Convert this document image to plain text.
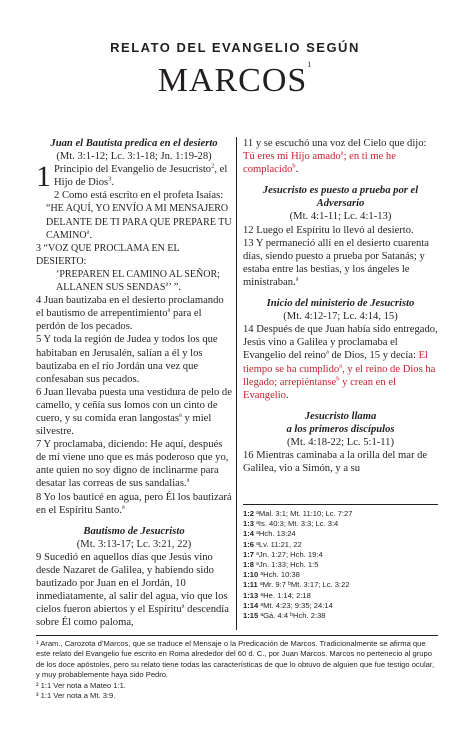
RELATO DEL EVANGELIO SEGÚN
MARCOS$^1$

Juan el Bautista predica en el desierto

(Mt. 3:1-12; Lc. 3:1-18; Jn. 1:19-28)

1 Principio del Evangelio de Jesucristo$^2$, el Hijo de Dios$^3$.

2 Como está escrito en el profeta Isaías:

“HE AQUÍ, YO ENVÍO A MI MENSAJERO DELANTE DE TI PARA QUE PREPARE TU CAMINO$^a$.

3 “VOZ QUE PROCLAMA EN EL DESIERTO:

‘PREPAREN EL CAMINO AL SEÑOR; ALLANEN SUS SENDAS$^a$’ ”.

4 Juan bautizaba en el desierto proclamando el bautismo de arrepentimiento$^a$ para el perdón de los pecados.

5 Y toda la región de Judea y todos los que habitaban en Jerusalén, salían a él y los bautizaba en el río Jordán una vez que confesaban sus pecados.

6 Juan llevaba puesta una vestidura de pelo de camello, y ceñía sus lomos con un cinto de cuero, y su comida eran langostas$^a$ y miel silvestre.

7 Y proclamaba, diciendo: He aquí, después de mí viene uno que es más poderoso que yo, ante quien no soy digno de inclinarme para desatar las correas de sus sandalias.$^a$

8 Yo los bauticé en agua, pero Él los bautizará en el Espíritu Santo.$^a$

Bautismo de Jesucristo

(Mt. 3:13-17; Lc. 3:21, 22)

9 Sucedió en aquellos días que Jesús vino desde Nazaret de Galilea, y habiendo sido bautizado por Juan en el Jordán, 10 inmediatamente, al salir del agua, vio que los cielos fueron abiertos y el Espíritu$^a$ descendía sobre Él como paloma,

11 y se escuchó una voz del Cielo que dijo: Tú eres mi Hijo amado$^a$; en ti me he complacido$^b$.

Jesucristo es puesto a prueba por el Adversario

(Mt. 4:1-11; Lc. 4:1-13)

12 Luego el Espíritu lo llevó al desierto.

13 Y permaneció allí en el desierto cuarenta días, siendo puesto a prueba por Satanás; y estaba entre las bestias, y los ángeles le ministraban.$^a$

Inicio del ministerio de Jesucristo

(Mt. 4:12-17; Lc. 4:14, 15)

14 Después de que Juan había sido entregado, Jesús vino a Galilea y proclamaba el Evangelio del reino$^a$ de Dios, 15 y decía: El tiempo se ha cumplido$^a$, y el reino de Dios ha llegado; arrepiéntanse$^b$ y crean en el Evangelio.

Jesucristo llama

a los primeros discípulos

(Mt. 4:18-22; Lc. 5:1-11)

16 Mientras caminaba a la orilla del mar de Galilea, vio a Simón, y a su

1:2 ᵃMal. 3:1; Mt. 11:10; Lc. 7:27
1:3 ᵃIs. 40:3; Mt. 3:3; Lc. 3:4
1:4 ᵃHch. 13:24
1:6 ᵃLv. 11:21, 22
1:7 ᵃJn. 1:27; Hch. 19:4
1:8 ᵃJn. 1:33; Hch. 1:5
1:10 ᵃHch. 10:38
1:11 ᵃMr. 9:7 ᵇMt. 3:17; Lc. 3:22
1:13 ᵃHe. 1:14; 2:18
1:14 ᵃMt. 4:23; 9:35; 24:14
1:15 ᵃGá. 4:4 ᵇHch. 2:38

¹ Aram., Carozota d’Marcos, que se traduce el Mensaje o la Predicación de Marcos. Tradicionalmente se afirma que este relato del Evangelio fue escrito en Roma alrededor del 60 d. C., por Juan Marcos. Marcos no pertenecio al grupo de los doce apóstoles, pero su relato tiene todas las características de que lo obtuvo de alguien que fue testigo ocular, y muy probablemente haya sido Pedro.

² 1:1 Ver nota a Mateo 1:1.

³ 1:1 Ver nota a Mt. 3:9.
